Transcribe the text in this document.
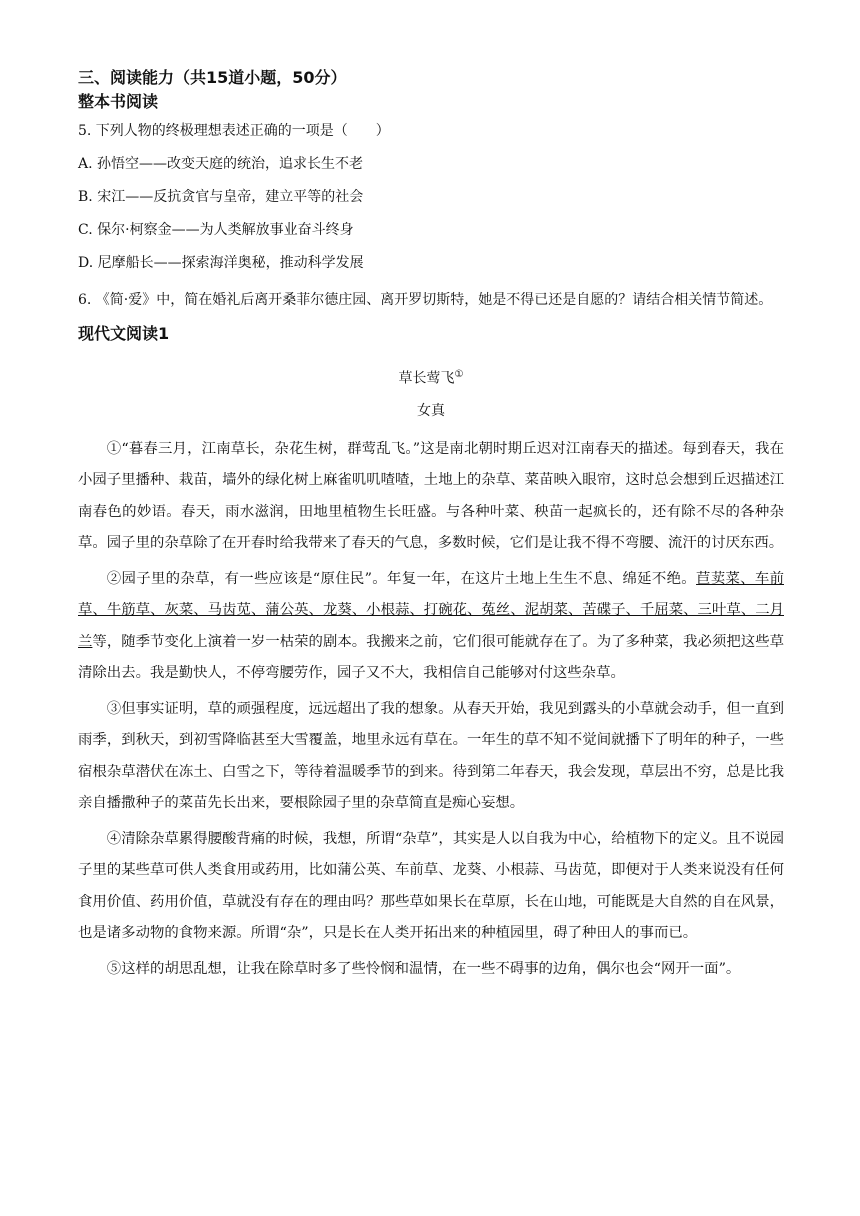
三、阅读能力（共15道小题，50分）

整本书阅读

5. 下列人物的终极理想表述正确的一项是（　　）

A. 孙悟空——改变天庭的统治，追求长生不老

B. 宋江——反抗贪官与皇帝，建立平等的社会

C. 保尔·柯察金——为人类解放事业奋斗终身

D. 尼摩船长——探索海洋奥秘，推动科学发展

6. 《简·爱》中，简在婚礼后离开桑菲尔德庄园、离开罗切斯特，她是不得已还是自愿的？请结合相关情节简述。

现代文阅读1

草长莺飞①
女真

①“暮春三月，江南草长，杂花生树，群莺乱飞。”这是南北朝时期丘迟对江南春天的描述。每到春天，我在小园子里播种、栽苗，墙外的绿化树上麻雀叽叽喳喳，土地上的杂草、菜苗映入眼帘，这时总会想到丘迟描述江南春色的妙语。春天，雨水滋润，田地里植物生长旺盛。与各种叶菜、秧苗一起疯长的，还有除不尽的各种杂草。园子里的杂草除了在开春时给我带来了春天的气息，多数时候，它们是让我不得不弯腰、流汗的讨厌东西。

②园子里的杂草，有一些应该是“原住民”。年复一年，在这片土地上生生不息、绵延不绝。苣荬菜、车前草、牛筋草、灰菜、马齿苋、蒲公英、龙葵、小根蒜、打碗花、菟丝、泥胡菜、苦碟子、千屈菜、三叶草、二月兰等，随季节变化上演着一岁一枯荣的剧本。我搬来之前，它们很可能就存在了。为了多种菜，我必须把这些草清除出去。我是勤快人，不停弯腰劳作，园子又不大，我相信自己能够对付这些杂草。

③但事实证明，草的顽强程度，远远超出了我的想象。从春天开始，我见到露头的小草就会动手，但一直到雨季，到秋天，到初雪降临甚至大雪覆盖，地里永远有草在。一年生的草不知不觉间就播下了明年的种子，一些宿根杂草潜伏在冻土、白雪之下，等待着温暖季节的到来。待到第二年春天，我会发现，草层出不穷，总是比我亲自播撒种子的菜苗先长出来，要根除园子里的杂草简直是痴心妄想。

④清除杂草累得腰酸背痛的时候，我想，所谓“杂草”，其实是人以自我为中心，给植物下的定义。且不说园子里的某些草可供人类食用或药用，比如蒲公英、车前草、龙葵、小根蒜、马齿苋，即便对于人类来说没有任何食用价值、药用价值，草就没有存在的理由吗？那些草如果长在草原，长在山地，可能既是大自然的自在风景，也是诸多动物的食物来源。所谓“杂”，只是长在人类开拓出来的种植园里，碍了种田人的事而已。

⑤这样的胡思乱想，让我在除草时多了些怜悯和温情，在一些不碍事的边角，偶尔也会“网开一面”。
